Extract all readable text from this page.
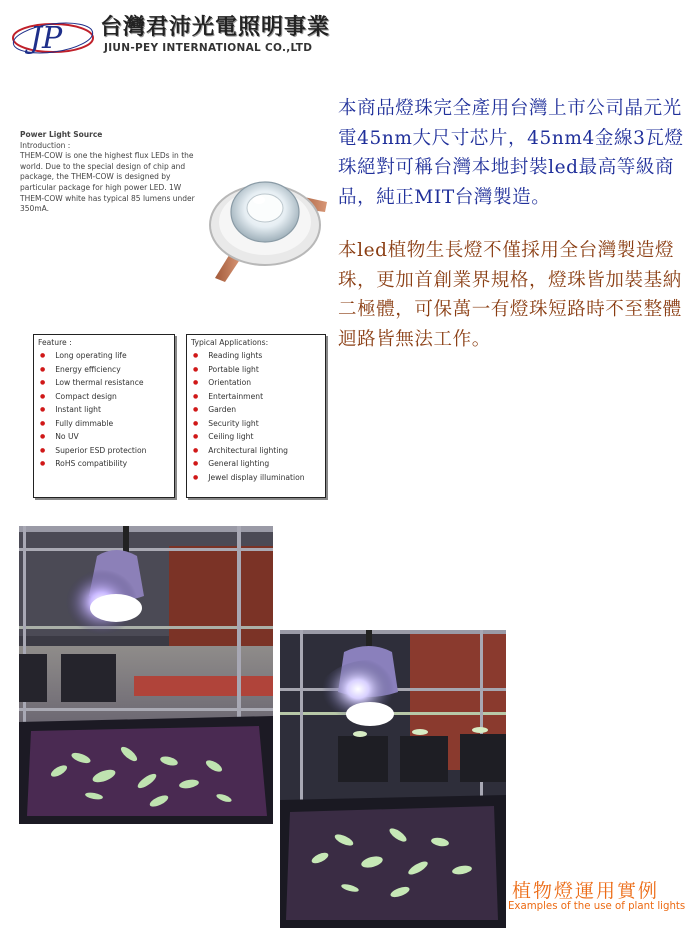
JP 台灣君沛光電照明事業
JIUN-PEY INTERNATIONAL CO.,LTD
Power Light Source
Introduction :
THEM-COW is one the highest flux LEDs in the world. Due to the special design of chip and package, the THEM-COW is designed by particular package for high power LED. 1W THEM-COW white has typical 85 lumens under 350mA.
本商品燈珠完全產用台灣上市公司晶元光電45nm大尺寸芯片，45nm4金線3瓦燈珠絕對可稱台灣本地封裝led最高等級商品，純正MIT台灣製造。
本led植物生長燈不僅採用全台灣製造燈珠，更加首創業界規格，燈珠皆加裝基納二極體，可保萬一有燈珠短路時不至整體迴路皆無法工作。
Feature :
● Long operating life
● Energy efficiency
● Low thermal resistance
● Compact design
● Instant light
● Fully dimmable
● No UV
● Superior ESD protection
● RoHS compatibility
Typical Applications:
● Reading lights
● Portable light
● Orientation
● Entertainment
● Garden
● Security light
● Ceiling light
● Architectural lighting
● General lighting
● Jewel display illumination
植物燈運用實例
Examples of the use of plant lights
